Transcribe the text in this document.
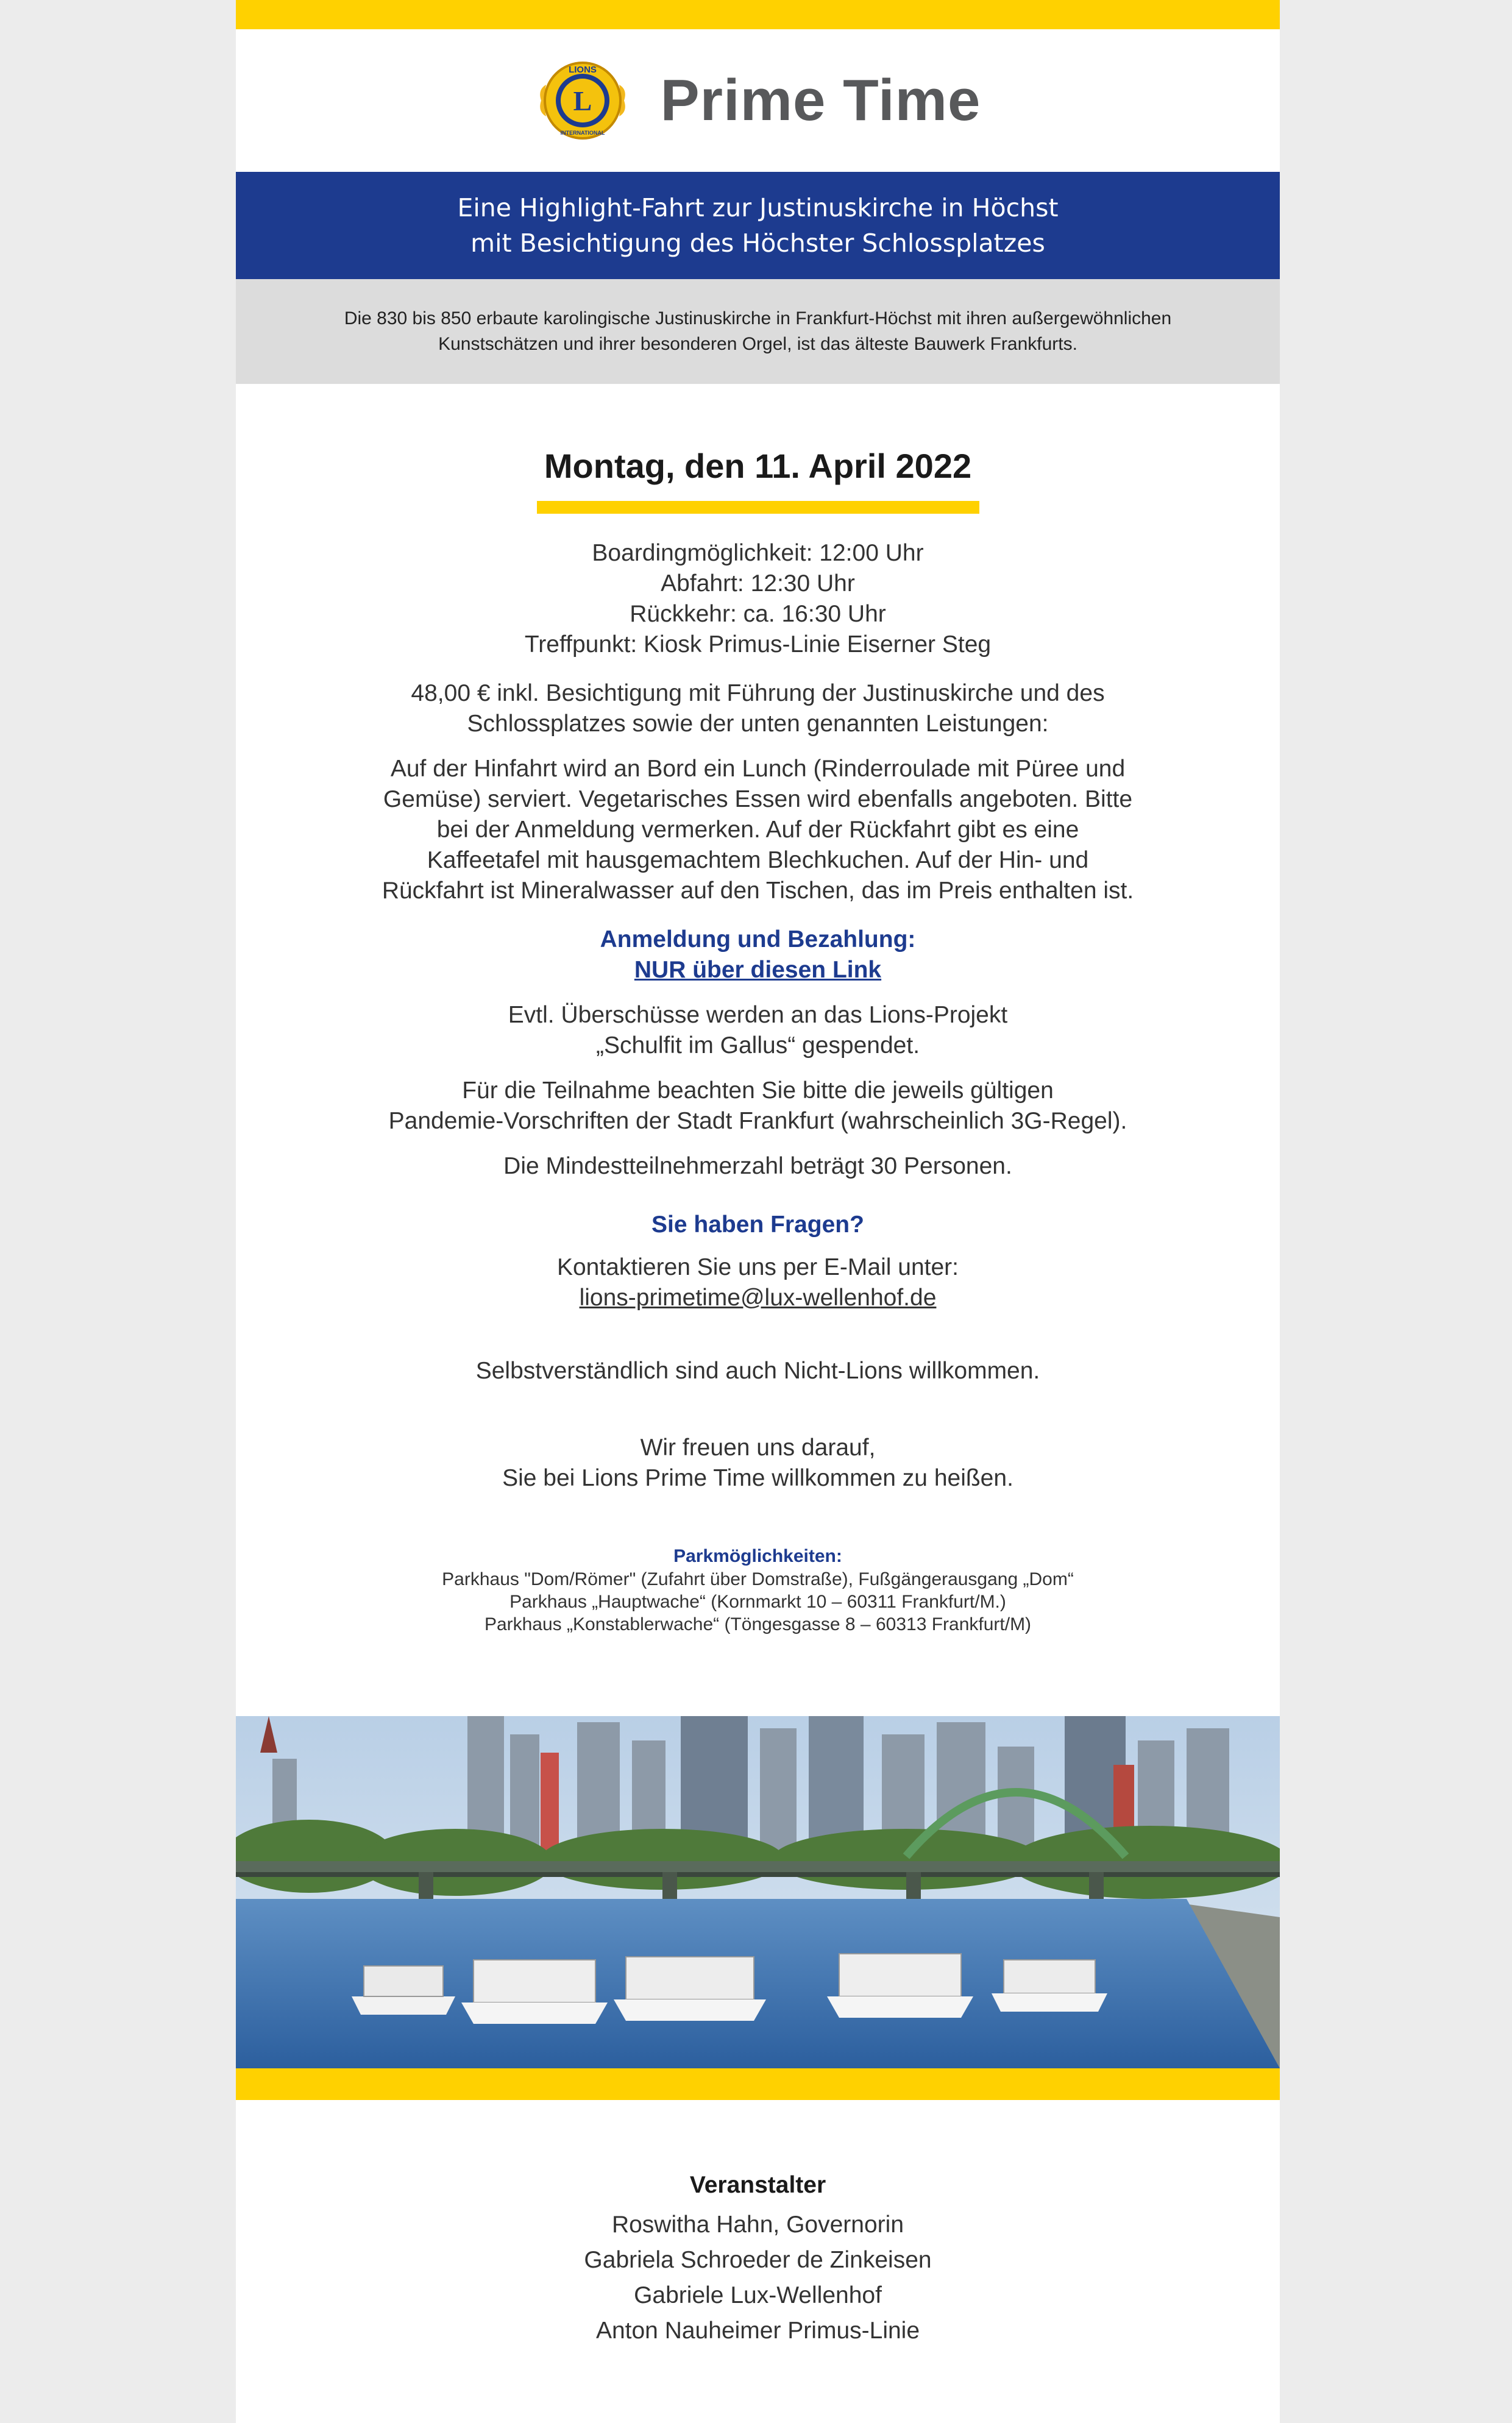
L
LIONS
INTERNATIONAL Prime Time
Eine Highlight-Fahrt zur Justinuskirche in Höchst
mit Besichtigung des Höchster Schlossplatzes
Die 830 bis 850 erbaute karolingische Justinuskirche in Frankfurt-Höchst mit ihren außergewöhnlichen
Kunstschätzen und ihrer besonderen Orgel, ist das älteste Bauwerk Frankfurts.
Montag, den 11. April 2022
Boardingmöglichkeit: 12:00 Uhr
Abfahrt: 12:30 Uhr
Rückkehr: ca. 16:30 Uhr
Treffpunkt: Kiosk Primus-Linie Eiserner Steg
48,00 € inkl. Besichtigung mit Führung der Justinuskirche und des
Schlossplatzes sowie der unten genannten Leistungen:
Auf der Hinfahrt wird an Bord ein Lunch (Rinderroulade mit Püree und
Gemüse) serviert. Vegetarisches Essen wird ebenfalls angeboten. Bitte
bei der Anmeldung vermerken. Auf der Rückfahrt gibt es eine
Kaffeetafel mit hausgemachtem Blechkuchen. Auf der Hin- und
Rückfahrt ist Mineralwasser auf den Tischen, das im Preis enthalten ist.
Anmeldung und Bezahlung:
NUR über diesen Link
Evtl. Überschüsse werden an das Lions-Projekt
„Schulfit im Gallus“ gespendet.
Für die Teilnahme beachten Sie bitte die jeweils gültigen
Pandemie-Vorschriften der Stadt Frankfurt (wahrscheinlich 3G-Regel).
Die Mindestteilnehmerzahl beträgt 30 Personen.
Sie haben Fragen?
Kontaktieren Sie uns per E-Mail unter:
lions-primetime@lux-wellenhof.de
Selbstverständlich sind auch Nicht-Lions willkommen.
Wir freuen uns darauf,
Sie bei Lions Prime Time willkommen zu heißen.
Parkmöglichkeiten:
Parkhaus "Dom/Römer" (Zufahrt über Domstraße), Fußgängerausgang „Dom“
Parkhaus „Hauptwache“ (Kornmarkt 10 – 60311 Frankfurt/M.)
Parkhaus „Konstablerwache“ (Töngesgasse 8 – 60313 Frankfurt/M)
Veranstalter
Roswitha Hahn, Governorin
Gabriela Schroeder de Zinkeisen
Gabriele Lux-Wellenhof
Anton Nauheimer Primus-Linie
